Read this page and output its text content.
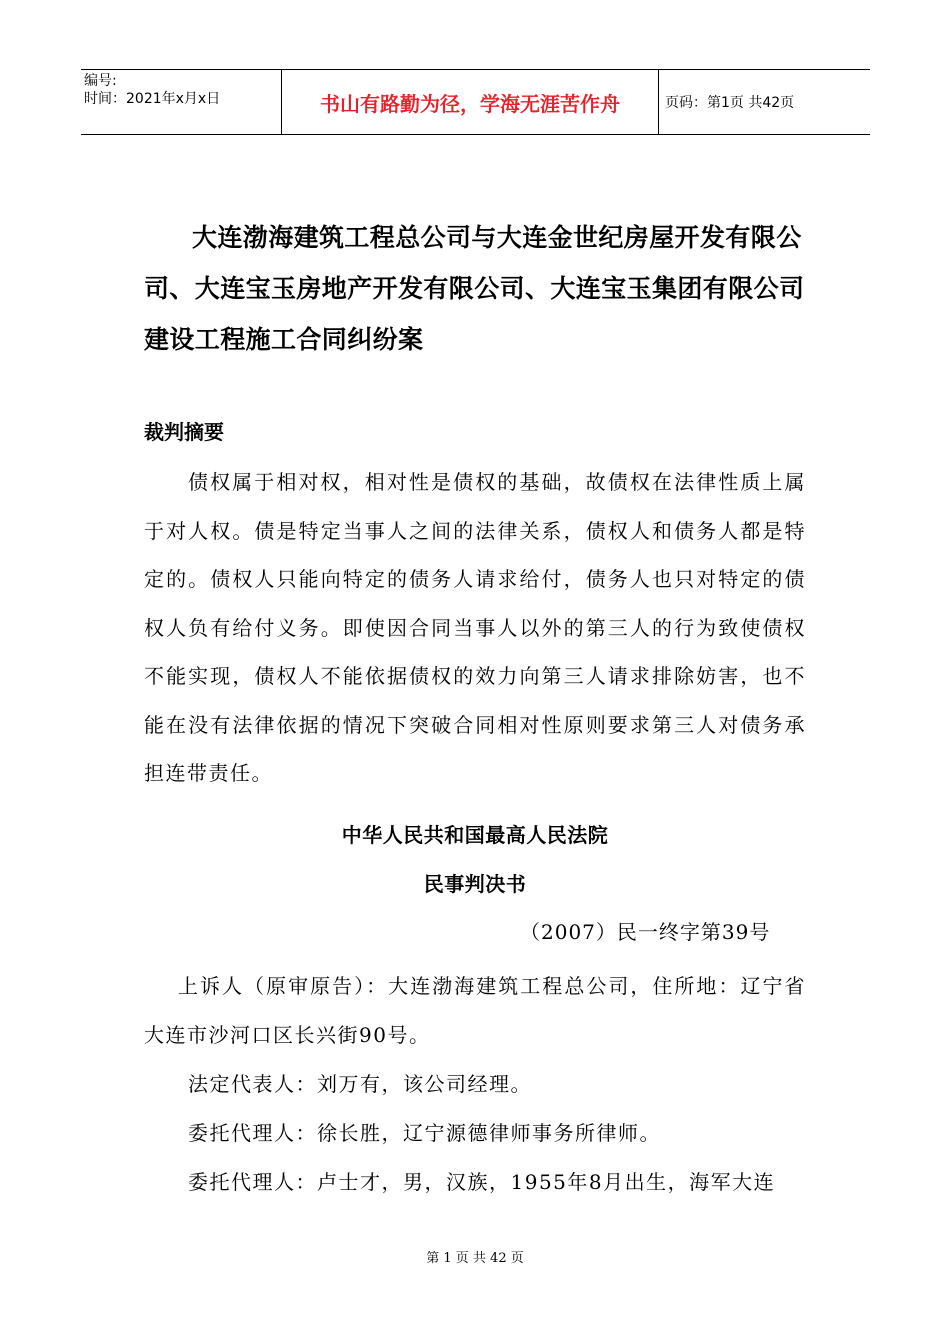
编号:
时间：2021年x月x日	书山有路勤为径，学海无涯苦作舟	页码：第1页 共42页
大连渤海建筑工程总公司与大连金世纪房屋开发有限公司、大连宝玉房地产开发有限公司、大连宝玉集团有限公司建设工程施工合同纠纷案
裁判摘要
债权属于相对权，相对性是债权的基础，故债权在法律性质上属于对人权。债是特定当事人之间的法律关系，债权人和债务人都是特定的。债权人只能向特定的债务人请求给付，债务人也只对特定的债权人负有给付义务。即使因合同当事人以外的第三人的行为致使债权不能实现，债权人不能依据债权的效力向第三人请求排除妨害，也不能在没有法律依据的情况下突破合同相对性原则要求第三人对债务承担连带责任。
中华人民共和国最高人民法院
民事判决书
（2007）民一终字第39号
上诉人（原审原告）：大连渤海建筑工程总公司，住所地：辽宁省大连市沙河口区长兴街90号。
法定代表人：刘万有，该公司经理。
委托代理人：徐长胜，辽宁源德律师事务所律师。
委托代理人：卢士才，男，汉族，1955年8月出生，海军大连
第 1 页 共 42 页
